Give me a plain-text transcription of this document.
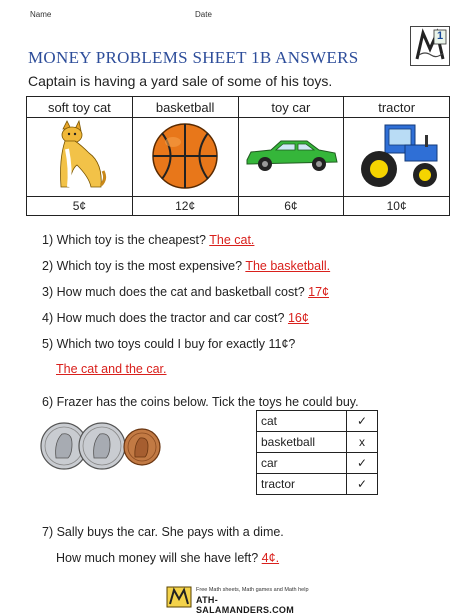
Name	Date
1
MONEY PROBLEMS SHEET 1B ANSWERS
Captain is having a yard sale of some of his toys.
soft toy cat	basketball	toy car	tractor

5¢	12¢	6¢	10¢
1) Which toy is the cheapest? The cat.
2) Which toy is the most expensive? The basketball.
3) How much does the cat and basketball cost? 17¢
4) How much does the tractor and car cost? 16¢
5) Which two toys could I buy for exactly 11¢?
The cat and the car.
6) Frazer has the coins below. Tick the toys he could buy.
cat	✓
basketball	x
car	✓
tractor	✓
7) Sally buys the car. She pays with a dime.
How much money will she have left? 4¢.
Free Math sheets, Math games and Math help
ATH-SALAMANDERS.COM
